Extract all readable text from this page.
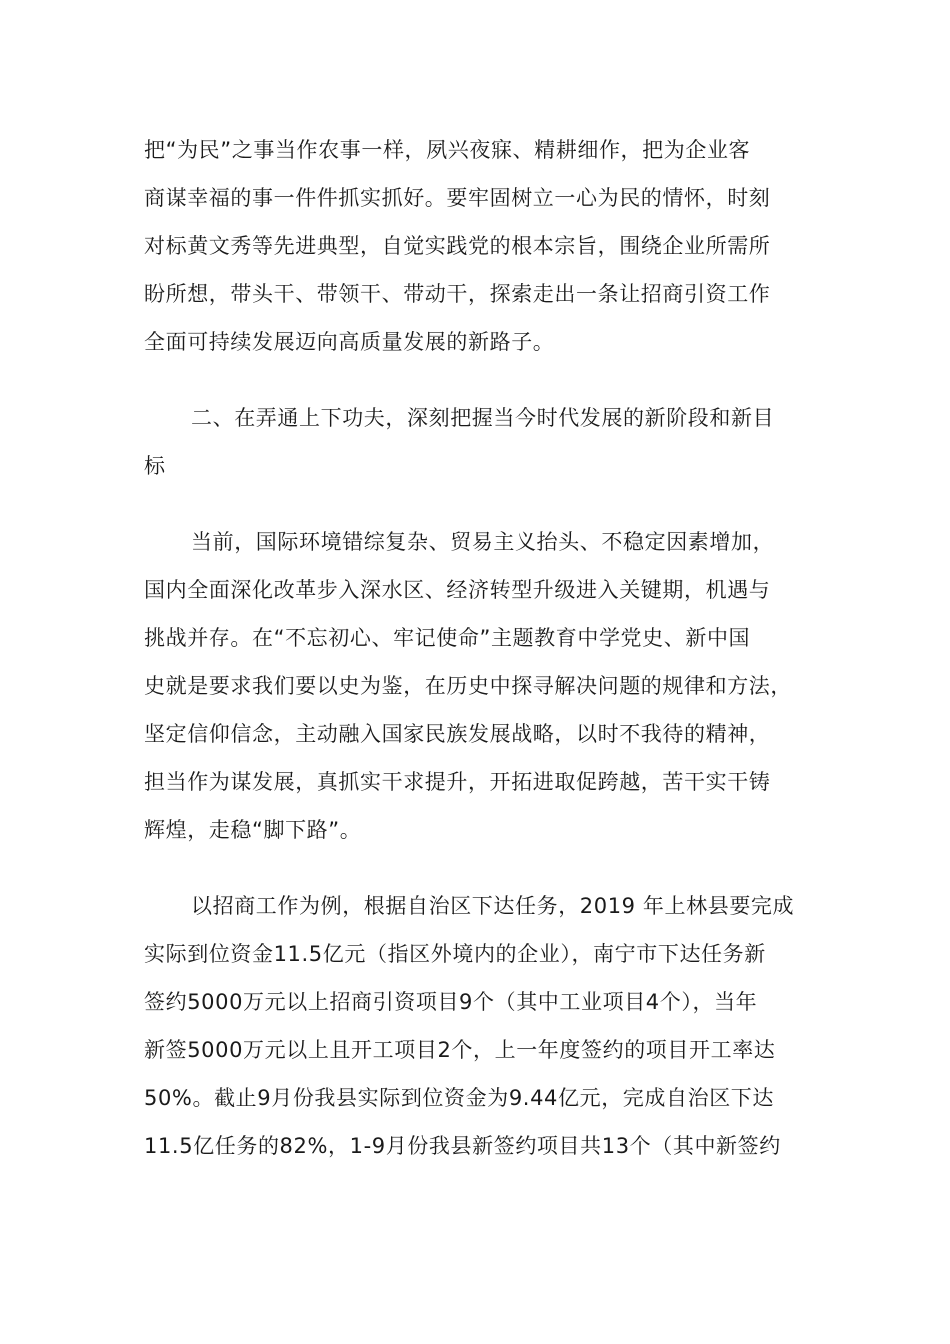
把“为民”之事当作农事一样，夙兴夜寐、精耕细作，把为企业客
商谋幸福的事一件件抓实抓好。要牢固树立一心为民的情怀，时刻
对标黄文秀等先进典型，自觉实践党的根本宗旨，围绕企业所需所
盼所想，带头干、带领干、带动干，探索走出一条让招商引资工作
全面可持续发展迈向高质量发展的新路子。
二、在弄通上下功夫，深刻把握当今时代发展的新阶段和新目
标
当前，国际环境错综复杂、贸易主义抬头、不稳定因素增加，
国内全面深化改革步入深水区、经济转型升级进入关键期，机遇与
挑战并存。在“不忘初心、牢记使命”主题教育中学党史、新中国
史就是要求我们要以史为鉴，在历史中探寻解决问题的规律和方法，
坚定信仰信念，主动融入国家民族发展战略，以时不我待的精神，
担当作为谋发展，真抓实干求提升，开拓进取促跨越，苦干实干铸
辉煌，走稳“脚下路”。
以招商工作为例，根据自治区下达任务，2019 年上林县要完成
实际到位资金11.5亿元（指区外境内的企业），南宁市下达任务新
签约5000万元以上招商引资项目9个（其中工业项目4个），当年
新签5000万元以上且开工项目2个，上一年度签约的项目开工率达
50%。截止9月份我县实际到位资金为9.44亿元，完成自治区下达
11.5亿任务的82%，1-9月份我县新签约项目共13个（其中新签约
